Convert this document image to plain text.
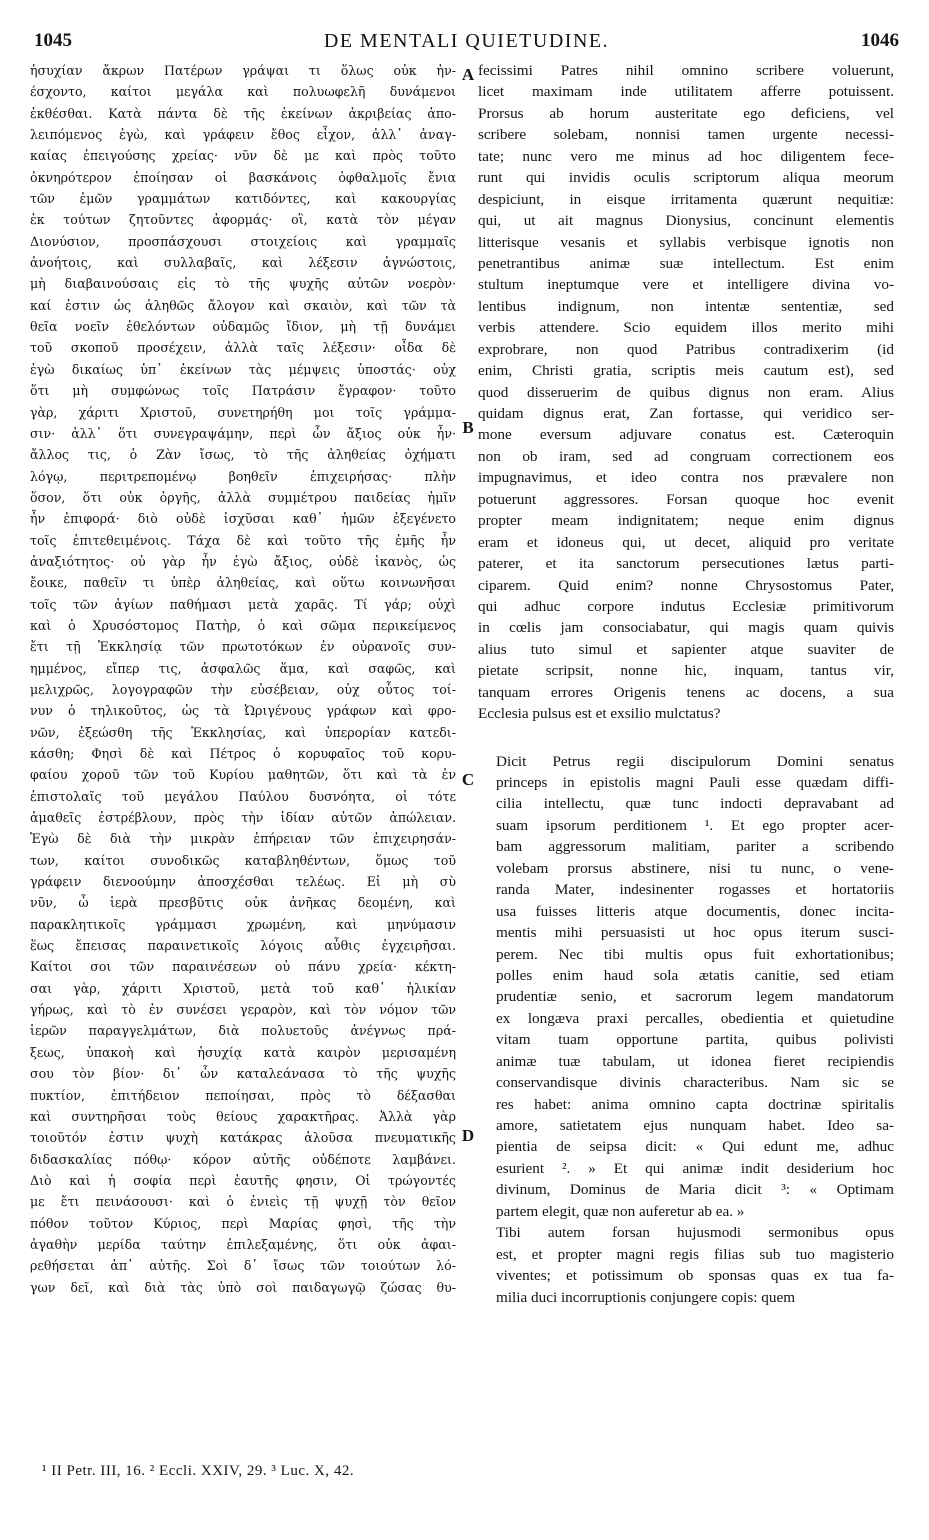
1045	DE MENTALI QUIETUDINE.	1046
ἡσυχίαν ἄκρων Πατέρων γράψαι τι ὅλως οὐκ ἠν-
έσχοντο, καίτοι μεγάλα καὶ πολυωφελῆ δυνάμενοι
ἐκθέσθαι. Κατὰ πάντα δὲ τῆς ἐκείνων ἀκριβείας ἀπο-
λειπόμενος ἐγὼ, καὶ γράφειν ἔθος εἶχον, ἀλλ᾽ ἀναγ-
καίας ἐπειγούσης χρείας· νῦν δὲ με καὶ πρὸς τοῦτο
ὀκνηρότερον ἐποίησαν οἱ βασκάνοις ὀφθαλμοῖς ἔνια
τῶν ἐμῶν γραμμάτων κατιδόντες, καὶ κακουργίας
ἐκ τούτων ζητοῦντες ἀφορμάς· οἳ, κατὰ τὸν μέγαν
Διονύσιον, προσπάσχουσι στοιχείοις καὶ γραμμαῖς
ἀνοήτοις, καὶ συλλαβαῖς, καὶ λέξεσιν ἀγνώστοις,
μὴ διαβαινούσαις εἰς τὸ τῆς ψυχῆς αὐτῶν νοερὸν·
καί ἐστιν ὡς ἀληθῶς ἄλογον καὶ σκαιὸν, καὶ τῶν τὰ
θεῖα νοεῖν ἐθελόντων οὐδαμῶς ἴδιον, μὴ τῇ δυνάμει
τοῦ σκοποῦ προσέχειν, ἀλλὰ ταῖς λέξεσιν· οἶδα δὲ
ἐγὼ δικαίως ὑπ᾽ ἐκείνων τὰς μέμψεις ὑποστάς· οὐχ
ὅτι μὴ συμφώνως τοῖς Πατράσιν ἔγραφον· τοῦτο
γὰρ, χάριτι Χριστοῦ, συνετηρήθη μοι τοῖς γράμμα-
σιν· ἀλλ᾽ ὅτι συνεγραψάμην, περὶ ὧν ἄξιος οὐκ ἦν·
ἄλλος τις, ὁ Ζὰν ἴσως, τὸ τῆς ἀληθείας ὀχήματι
λόγῳ, περιτρεπομένῳ βοηθεῖν ἐπιχειρήσας· πλὴν
ὅσον, ὅτι οὐκ ὀργῆς, ἀλλὰ συμμέτρου παιδείας ἡμῖν
ἦν ἐπιφορά· διὸ οὐδὲ ἰσχῦσαι καθ᾽ ἡμῶν ἐξεγένετο
τοῖς ἐπιτεθειμένοις. Τάχα δὲ καὶ τοῦτο τῆς ἐμῆς ἦν
ἀναξιότητος· οὐ γὰρ ἦν ἐγὼ ἄξιος, οὐδὲ ἱκανὸς, ὡς
ἔοικε, παθεῖν τι ὑπὲρ ἀληθείας, καὶ οὕτω κοινωνῆσαι
τοῖς τῶν ἁγίων παθήμασι μετὰ χαρᾶς. Τί γάρ; οὐχὶ
καὶ ὁ Χρυσόστομος Πατὴρ, ὁ καὶ σῶμα περικείμενος
ἔτι τῇ Ἐκκλησίᾳ τῶν πρωτοτόκων ἐν οὐρανοῖς συν-
ημμένος, εἴπερ τις, ἀσφαλῶς ἅμα, καὶ σαφῶς, καὶ
μελιχρῶς, λογογραφῶν τὴν εὐσέβειαν, οὐχ οὗτος τοί-
νυν ὁ τηλικοῦτος, ὡς τὰ Ὠριγένους γράφων καὶ φρο-
νῶν, ἐξεώσθη τῆς Ἐκκλησίας, καὶ ὑπερορίαν κατεδι-
κάσθη; Φησὶ δὲ καὶ Πέτρος ὁ κορυφαῖος τοῦ κορυ-
φαίου χοροῦ τῶν τοῦ Κυρίου μαθητῶν, ὅτι καὶ τὰ ἐν
ἐπιστολαῖς τοῦ μεγάλου Παύλου δυσνόητα, οἱ τότε
ἀμαθεῖς ἐστρέβλουν, πρὸς τὴν ἰδίαν αὐτῶν ἀπώλειαν.
Ἐγὼ δὲ διὰ τὴν μικρὰν ἐπήρειαν τῶν ἐπιχειρησάν-
των, καίτοι συνοδικῶς καταβληθέντων, ὅμως τοῦ
γράφειν διενοούμην ἀποσχέσθαι τελέως. Εἰ μὴ σὺ
νῦν, ὦ ἱερὰ πρεσβῦτις οὐκ ἀνῆκας δεομένη, καὶ
παρακλητικοῖς γράμμασι χρωμένη, καὶ μηνύμασιν
ἕως ἔπεισας παραινετικοῖς λόγοις αὖθις ἐγχειρῆσαι.
Καίτοι σοι τῶν παραινέσεων οὐ πάνυ χρεία· κέκτη-
σαι γὰρ, χάριτι Χριστοῦ, μετὰ τοῦ καθ᾽ ἡλικίαν
γήρως, καὶ τὸ ἐν συνέσει γεραρὸν, καὶ τὸν νόμον τῶν
ἱερῶν παραγγελμάτων, διὰ πολυετοῦς ἀνέγνως πρά-
ξεως, ὑπακοὴ καὶ ἡσυχίᾳ κατὰ καιρὸν μερισαμένη
σου τὸν βίον· δι᾽ ὧν καταλεάνασα τὸ τῆς ψυχῆς
πυκτίον, ἐπιτήδειον πεποίησαι, πρὸς τὸ δέξασθαι
καὶ συντηρῆσαι τοὺς θείους χαρακτῆρας. Ἀλλὰ γὰρ
τοιοῦτόν ἐστιν ψυχὴ κατάκρας ἁλοῦσα πνευματικῆς
διδασκαλίας πόθῳ· κόρον αὐτῆς οὐδέποτε λαμβάνει.
Διὸ καὶ ἡ σοφία περὶ ἑαυτῆς φησιν, Οἱ τρώγοντές
με ἔτι πεινάσουσι· καὶ ὁ ἐνιεὶς τῇ ψυχῇ τὸν θεῖον
πόθον τοῦτον Κύριος, περὶ Μαρίας φησὶ, τῆς τὴν
ἀγαθὴν μερίδα ταύτην ἐπιλεξαμένης, ὅτι οὐκ ἀφαι-
ρεθήσεται ἀπ᾽ αὐτῆς. Σοὶ δ᾽ ἴσως τῶν τοιούτων λό-
γων δεῖ, καὶ διὰ τὰς ὑπὸ σοὶ παιδαγωγῷ ζώσας θυ-
A
B
C
D
fecissimi Patres nihil omnino scribere voluerunt,
licet maximam inde utilitatem afferre potuissent.
Prorsus ab horum austeritate ego deficiens, vel
scribere solebam, nonnisi tamen urgente necessi-
tate; nunc vero me minus ad hoc diligentem fece-
runt qui invidis oculis scriptorum aliqua meorum
despiciunt, in eisque irritamenta quærunt nequitiæ:
qui, ut ait magnus Dionysius, concinunt elementis
litterisque vesanis et syllabis verbisque ignotis non
penetrantibus animæ suæ intellectum. Est enim
stultum ineptumque vere et intelligere divina vo-
lentibus indignum, non intentæ sententiæ, sed
verbis attendere. Scio equidem illos merito mihi
exprobrare, non quod Patribus contradixerim (id
enim, Christi gratia, scriptis meis cautum est), sed
quod disseruerim de quibus dignus non eram. Alius
quidam dignus erat, Zan fortasse, qui veridico ser-
mone eversum adjuvare conatus est. Cæteroquin
non ob iram, sed ad congruam correctionem eos
impugnavimus, et ideo contra nos prævalere non
potuerunt aggressores. Forsan quoque hoc evenit
propter meam indignitatem; neque enim dignus
eram et idoneus qui, ut decet, aliquid pro veritate
paterer, et ita sanctorum persecutiones lætus parti-
ciparem. Quid enim? nonne Chrysostomus Pater,
qui adhuc corpore indutus Ecclesiæ primitivorum
in cœlis jam consociabatur, qui magis quam quivis
alius tuto simul et sapienter atque suaviter de
pietate scripsit, nonne hic, inquam, tantus vir,
tanquam errores Origenis tenens ac docens, a sua
Ecclesia pulsus est et exsilio mulctatus?
Dicit Petrus regii discipulorum Domini senatus
princeps in epistolis magni Pauli esse quædam diffi-
cilia intellectu, quæ tunc indocti depravabant ad
suam ipsorum perditionem ¹. Et ego propter acer-
bam aggressorum malitiam, pariter a scribendo
volebam prorsus abstinere, nisi tu nunc, o vene-
randa Mater, indesinenter rogasses et hortatoriis
usa fuisses litteris atque documentis, donec incita-
mentis mihi persuasisti ut hoc opus iterum susci-
perem. Nec tibi multis opus fuit exhortationibus;
polles enim haud sola ætatis canitie, sed etiam
prudentiæ senio, et sacrorum legem mandatorum
ex longæva praxi percalles, obedientia et quietudine
vitam tuam opportune partita, quibus polivisti
animæ tuæ tabulam, ut idonea fieret recipiendis
conservandisque divinis characteribus. Nam sic se
res habet: anima omnino capta doctrinæ spiritalis
amore, satietatem ejus nunquam habet. Ideo sa-
pientia de seipsa dicit: « Qui edunt me, adhuc
esurient ². » Et qui animæ indit desiderium hoc
divinum, Dominus de Maria dicit ³: « Optimam
partem elegit, quæ non auferetur ab ea. »
Tibi autem forsan hujusmodi sermonibus opus
est, et propter magni regis filias sub tuo magisterio
viventes; et potissimum ob sponsas quas ex tua fa-
milia duci incorruptionis conjungere copis: quem
¹ II Petr. III, 16. ² Eccli. XXIV, 29. ³ Luc. X, 42.
